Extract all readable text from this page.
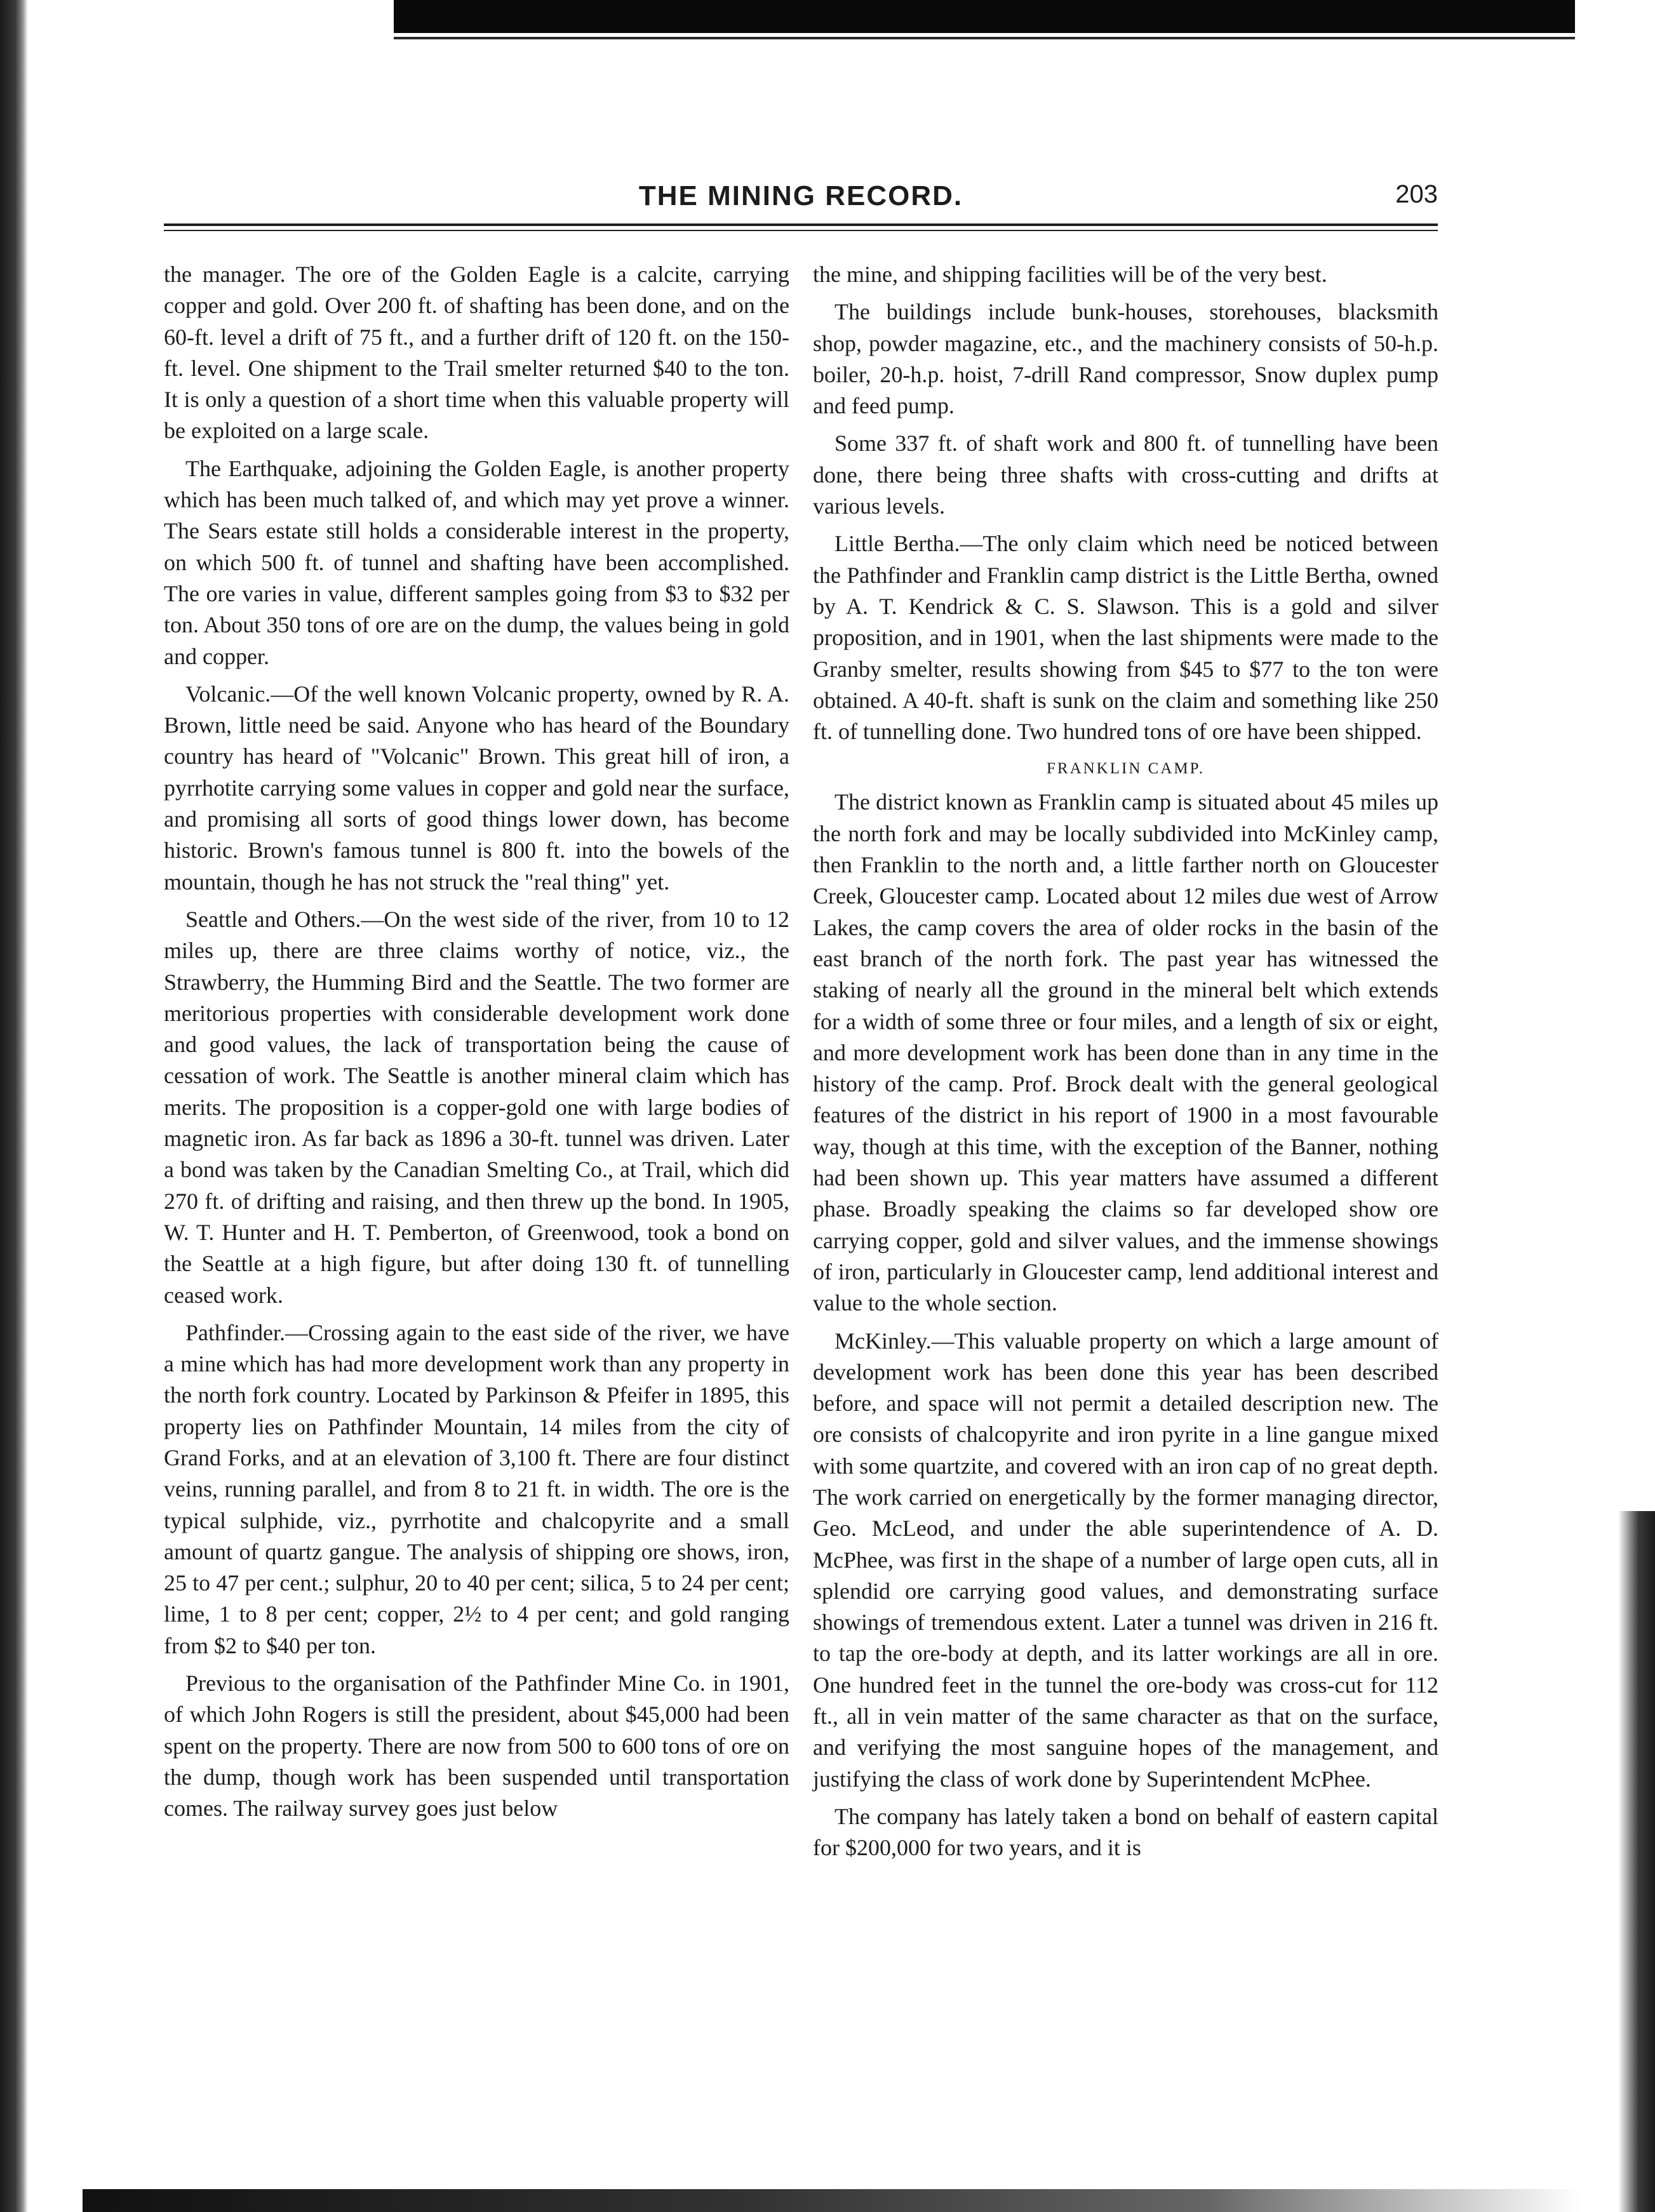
THE MINING RECORD.	203

the manager. The ore of the Golden Eagle is a calcite, carrying copper and gold. Over 200 ft. of shafting has been done, and on the 60-ft. level a drift of 75 ft., and a further drift of 120 ft. on the 150-ft. level. One shipment to the Trail smelter returned $40 to the ton. It is only a question of a short time when this valuable property will be exploited on a large scale.

The Earthquake, adjoining the Golden Eagle, is another property which has been much talked of, and which may yet prove a winner. The Sears estate still holds a considerable interest in the property, on which 500 ft. of tunnel and shafting have been accomplished. The ore varies in value, different samples going from $3 to $32 per ton. About 350 tons of ore are on the dump, the values being in gold and copper.

Volcanic.—Of the well known Volcanic property, owned by R. A. Brown, little need be said. Anyone who has heard of the Boundary country has heard of "Volcanic" Brown. This great hill of iron, a pyrrhotite carrying some values in copper and gold near the surface, and promising all sorts of good things lower down, has become historic. Brown's famous tunnel is 800 ft. into the bowels of the mountain, though he has not struck the "real thing" yet.

Seattle and Others.—On the west side of the river, from 10 to 12 miles up, there are three claims worthy of notice, viz., the Strawberry, the Humming Bird and the Seattle. The two former are meritorious properties with considerable development work done and good values, the lack of transportation being the cause of cessation of work. The Seattle is another mineral claim which has merits. The proposition is a copper-gold one with large bodies of magnetic iron. As far back as 1896 a 30-ft. tunnel was driven. Later a bond was taken by the Canadian Smelting Co., at Trail, which did 270 ft. of drifting and raising, and then threw up the bond. In 1905, W. T. Hunter and H. T. Pemberton, of Greenwood, took a bond on the Seattle at a high figure, but after doing 130 ft. of tunnelling ceased work.

Pathfinder.—Crossing again to the east side of the river, we have a mine which has had more development work than any property in the north fork country. Located by Parkinson & Pfeifer in 1895, this property lies on Pathfinder Mountain, 14 miles from the city of Grand Forks, and at an elevation of 3,100 ft. There are four distinct veins, running parallel, and from 8 to 21 ft. in width. The ore is the typical sulphide, viz., pyrrhotite and chalcopyrite and a small amount of quartz gangue. The analysis of shipping ore shows, iron, 25 to 47 per cent.; sulphur, 20 to 40 per cent; silica, 5 to 24 per cent; lime, 1 to 8 per cent; copper, 2½ to 4 per cent; and gold ranging from $2 to $40 per ton.

Previous to the organisation of the Pathfinder Mine Co. in 1901, of which John Rogers is still the president, about $45,000 had been spent on the property. There are now from 500 to 600 tons of ore on the dump, though work has been suspended until transportation comes. The railway survey goes just below

the mine, and shipping facilities will be of the very best.

The buildings include bunk-houses, storehouses, blacksmith shop, powder magazine, etc., and the machinery consists of 50-h.p. boiler, 20-h.p. hoist, 7-drill Rand compressor, Snow duplex pump and feed pump.

Some 337 ft. of shaft work and 800 ft. of tunnelling have been done, there being three shafts with cross-cutting and drifts at various levels.

Little Bertha.—The only claim which need be noticed between the Pathfinder and Franklin camp district is the Little Bertha, owned by A. T. Kendrick & C. S. Slawson. This is a gold and silver proposition, and in 1901, when the last shipments were made to the Granby smelter, results showing from $45 to $77 to the ton were obtained. A 40-ft. shaft is sunk on the claim and something like 250 ft. of tunnelling done. Two hundred tons of ore have been shipped.

FRANKLIN CAMP.

The district known as Franklin camp is situated about 45 miles up the north fork and may be locally subdivided into McKinley camp, then Franklin to the north and, a little farther north on Gloucester Creek, Gloucester camp. Located about 12 miles due west of Arrow Lakes, the camp covers the area of older rocks in the basin of the east branch of the north fork. The past year has witnessed the staking of nearly all the ground in the mineral belt which extends for a width of some three or four miles, and a length of six or eight, and more development work has been done than in any time in the history of the camp. Prof. Brock dealt with the general geological features of the district in his report of 1900 in a most favourable way, though at this time, with the exception of the Banner, nothing had been shown up. This year matters have assumed a different phase. Broadly speaking the claims so far developed show ore carrying copper, gold and silver values, and the immense showings of iron, particularly in Gloucester camp, lend additional interest and value to the whole section.

McKinley.—This valuable property on which a large amount of development work has been done this year has been described before, and space will not permit a detailed description new. The ore consists of chalcopyrite and iron pyrite in a line gangue mixed with some quartzite, and covered with an iron cap of no great depth. The work carried on energetically by the former managing director, Geo. McLeod, and under the able superintendence of A. D. McPhee, was first in the shape of a number of large open cuts, all in splendid ore carrying good values, and demonstrating surface showings of tremendous extent. Later a tunnel was driven in 216 ft. to tap the ore-body at depth, and its latter workings are all in ore. One hundred feet in the tunnel the ore-body was cross-cut for 112 ft., all in vein matter of the same character as that on the surface, and verifying the most sanguine hopes of the management, and justifying the class of work done by Superintendent McPhee.

The company has lately taken a bond on behalf of eastern capital for $200,000 for two years, and it is
